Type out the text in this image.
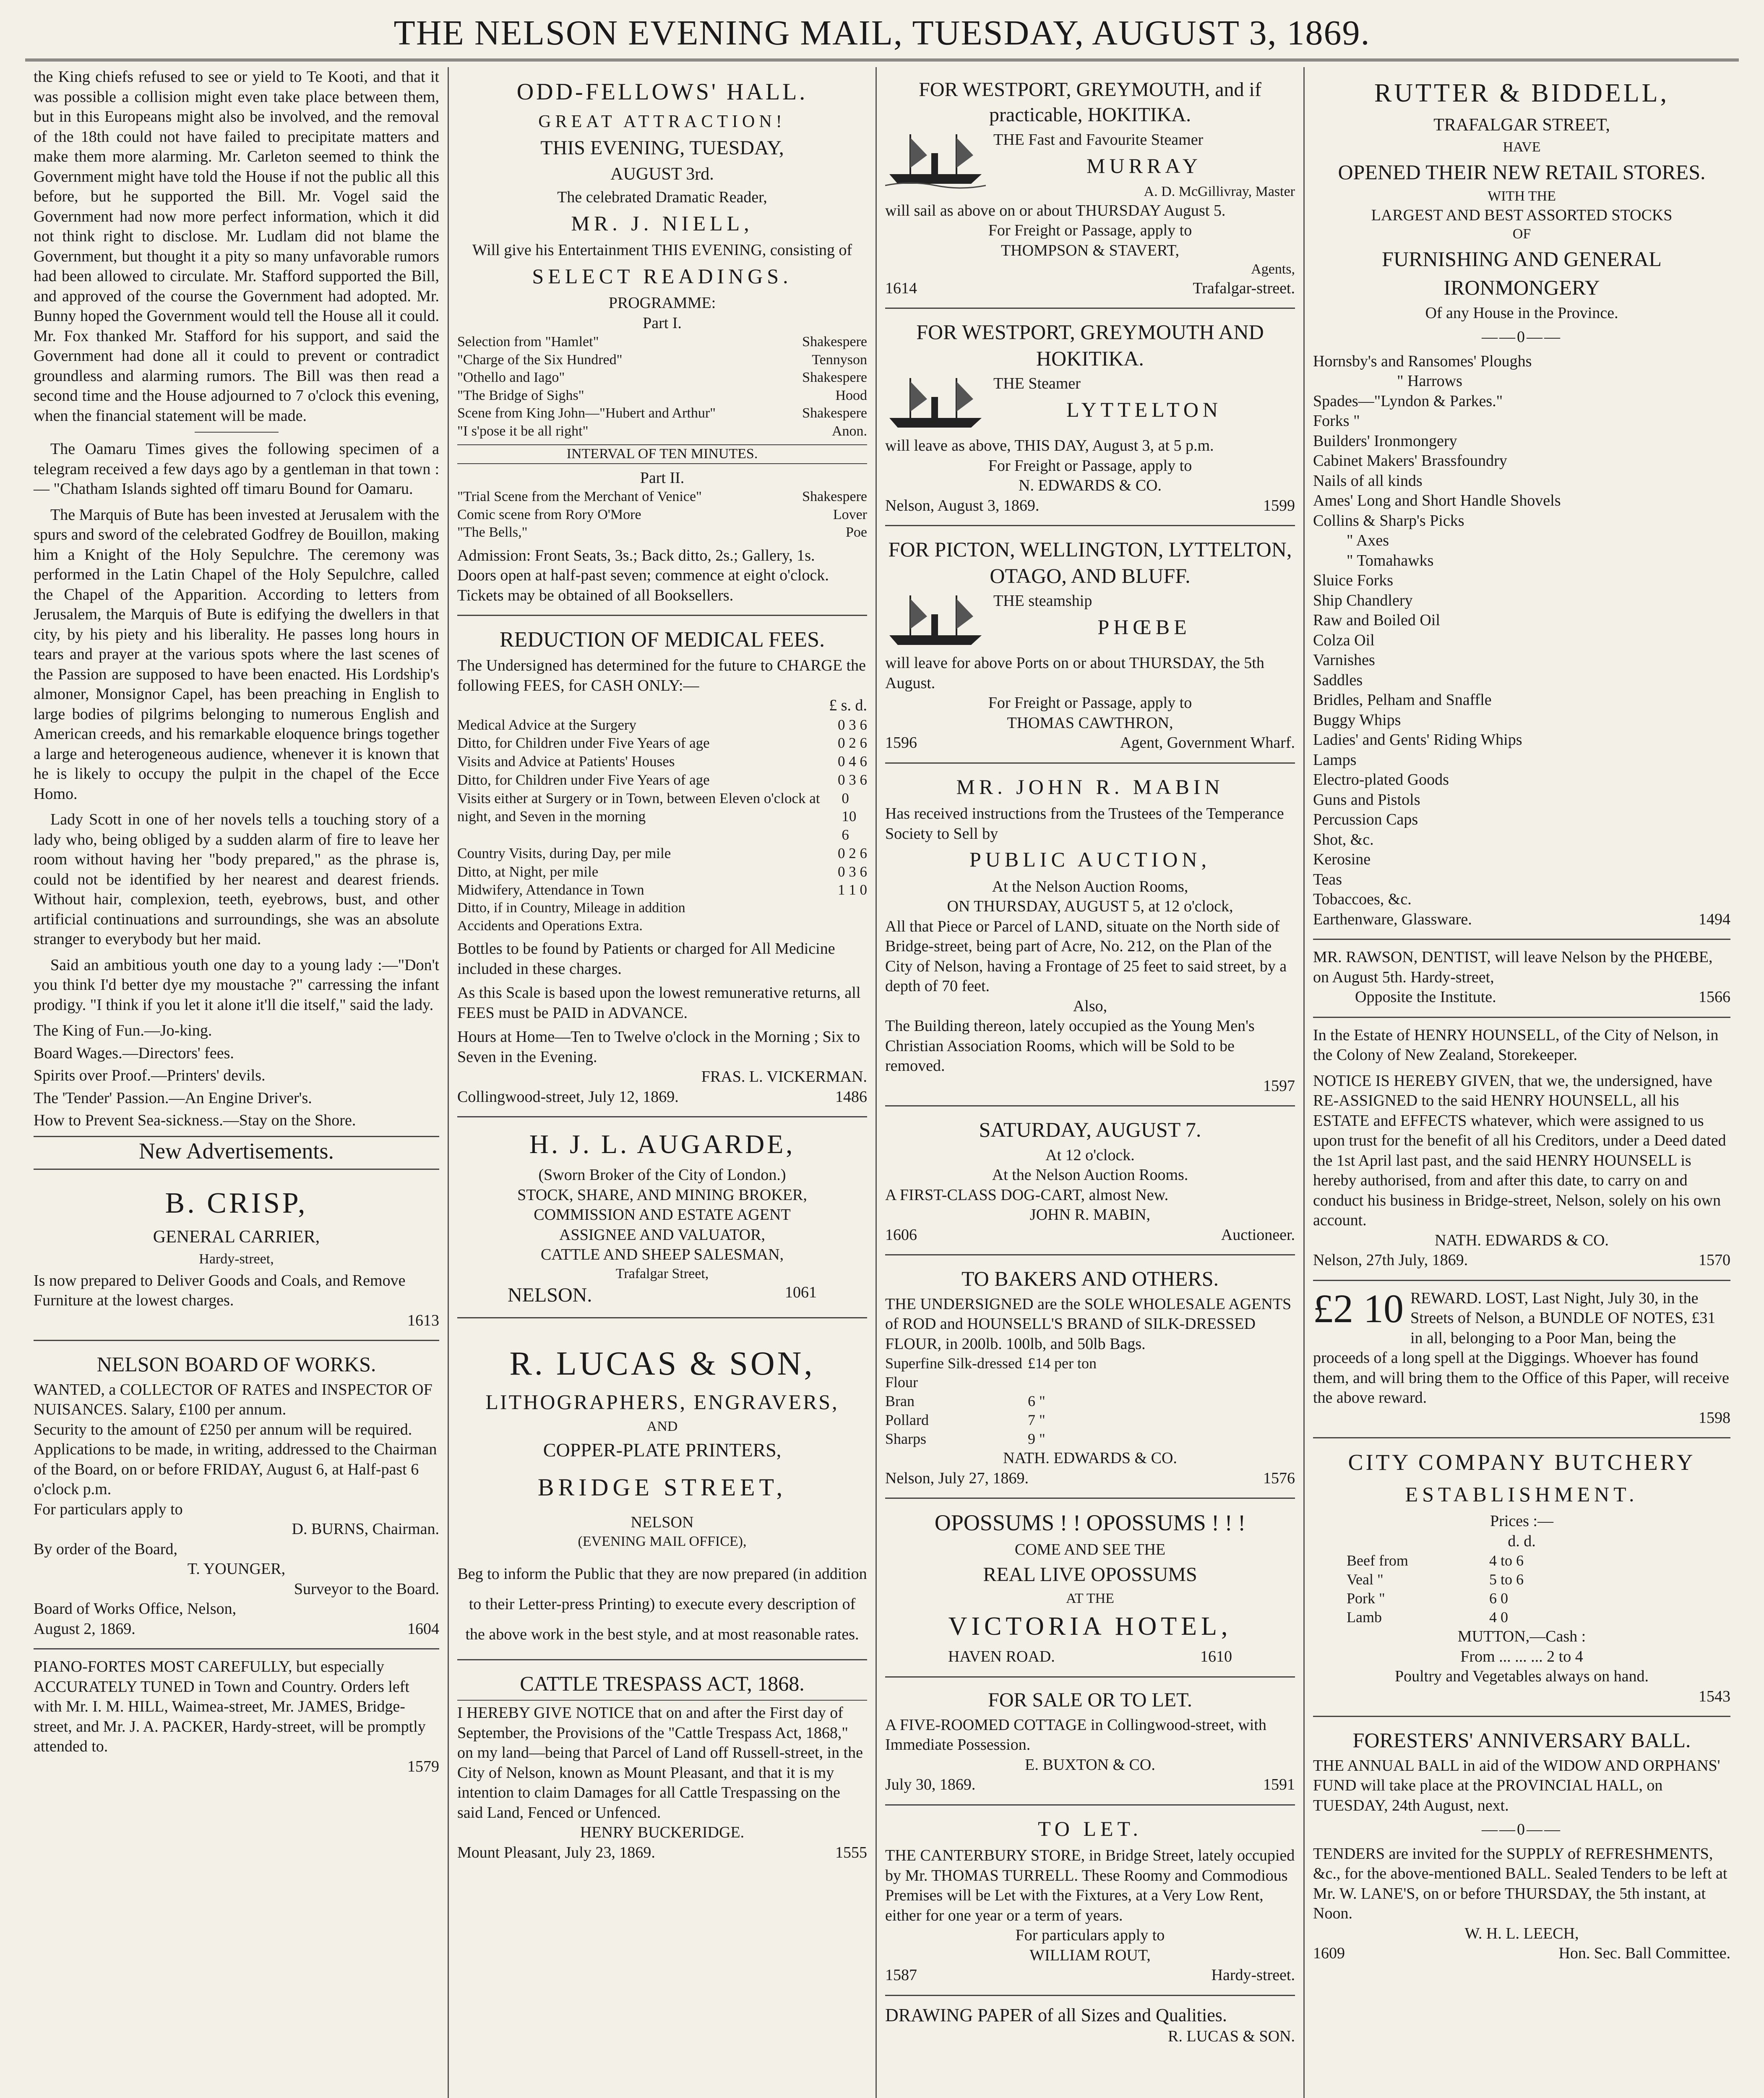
THE NELSON EVENING MAIL, TUESDAY, AUGUST 3, 1869.

the King chiefs refused to see or yield to Te Kooti, and that it was possible a collision might even take place between them, but in this Europeans might also be involved, and the removal of the 18th could not have failed to precipitate matters and make them more alarming. Mr. Carleton seemed to think the Government might have told the House if not the public all this before, but he supported the Bill. Mr. Vogel said the Government had now more perfect information, which it did not think right to disclose. Mr. Ludlam did not blame the Government, but thought it a pity so many unfavorable rumors had been allowed to circulate. Mr. Stafford supported the Bill, and approved of the course the Government had adopted. Mr. Bunny hoped the Government would tell the House all it could. Mr. Fox thanked Mr. Stafford for his support, and said the Government had done all it could to prevent or contradict groundless and alarming rumors. The Bill was then read a second time and the House adjourned to 7 o'clock this evening, when the financial statement will be made.

The Oamaru Times gives the following specimen of a telegram received a few days ago by a gentleman in that town :— "Chatham Islands sighted off timaru Bound for Oamaru.

The Marquis of Bute has been invested at Jerusalem with the spurs and sword of the celebrated Godfrey de Bouillon, making him a Knight of the Holy Sepulchre. The ceremony was performed in the Latin Chapel of the Holy Sepulchre, called the Chapel of the Apparition. According to letters from Jerusalem, the Marquis of Bute is edifying the dwellers in that city, by his piety and his liberality. He passes long hours in tears and prayer at the various spots where the last scenes of the Passion are supposed to have been enacted. His Lordship's almoner, Monsignor Capel, has been preaching in English to large bodies of pilgrims belonging to numerous English and American creeds, and his remarkable eloquence brings together a large and heterogeneous audience, whenever it is known that he is likely to occupy the pulpit in the chapel of the Ecce Homo.

Lady Scott in one of her novels tells a touching story of a lady who, being obliged by a sudden alarm of fire to leave her room without having her "body prepared," as the phrase is, could not be identified by her nearest and dearest friends. Without hair, complexion, teeth, eyebrows, bust, and other artificial continuations and surroundings, she was an absolute stranger to everybody but her maid.

Said an ambitious youth one day to a young lady :—"Don't you think I'd better dye my moustache ?" carressing the infant prodigy. "I think if you let it alone it'll die itself," said the lady.

The King of Fun.—Jo-king.
Board Wages.—Directors' fees.
Spirits over Proof.—Printers' devils.
The 'Tender' Passion.—An Engine Driver's.
How to Prevent Sea-sickness.—Stay on the Shore.
New Advertisements.
B. CRISP,
GENERAL CARRIER,
Hardy-street,
Is now prepared to Deliver Goods and Coals, and Remove Furniture at the lowest charges.
1613
NELSON BOARD OF WORKS.
WANTED, a COLLECTOR OF RATES and INSPECTOR OF NUISANCES. Salary, £100 per annum.
Security to the amount of £250 per annum will be required.
Applications to be made, in writing, addressed to the Chairman of the Board, on or before FRIDAY, August 6, at Half-past 6 o'clock p.m.
For particulars apply to
D. BURNS, Chairman.
By order of the Board,
T. YOUNGER,
Surveyor to the Board.
Board of Works Office, Nelson,
August 2, 1869.	1604
PIANO-FORTES MOST CAREFULLY, but especially ACCURATELY TUNED in Town and Country. Orders left with Mr. I. M. HILL, Waimea-street, Mr. JAMES, Bridge-street, and Mr. J. A. PACKER, Hardy-street, will be promptly attended to.
1579
ODD-FELLOWS' HALL.
GREAT ATTRACTION!
THIS EVENING, TUESDAY,
AUGUST 3rd.
The celebrated Dramatic Reader,
MR. J. NIELL,
Will give his Entertainment THIS EVENING, consisting of
SELECT READINGS.
PROGRAMME:
Part I.
Selection from "Hamlet"	Shakespere
"Charge of the Six Hundred"	Tennyson
"Othello and Iago"	Shakespere
"The Bridge of Sighs"	Hood
Scene from King John—"Hubert and Arthur"	Shakespere
"I s'pose it be all right"	Anon.
INTERVAL OF TEN MINUTES.
Part II.
"Trial Scene from the Merchant of Venice"	Shakespere
Comic scene from Rory O'More	Lover
"The Bells,"	Poe
Admission: Front Seats, 3s.; Back ditto, 2s.; Gallery, 1s.
Doors open at half-past seven; commence at eight o'clock.
Tickets may be obtained of all Booksellers.
REDUCTION OF MEDICAL FEES.
The Undersigned has determined for the future to CHARGE the following FEES, for CASH ONLY:—
£ s. d.
Medical Advice at the Surgery	0 3 6
Ditto, for Children under Five Years of age	0 2 6
Visits and Advice at Patients' Houses	0 4 6
Ditto, for Children under Five Years of age	0 3 6
Visits either at Surgery or in Town, between Eleven o'clock at night, and Seven in the morning
0 10 6
Country Visits, during Day, per mile	0 2 6
Ditto, at Night, per mile	0 3 6
Midwifery, Attendance in Town	1 1 0
Ditto, if in Country, Mileage in addition
Accidents and Operations Extra.
Bottles to be found by Patients or charged for All Medicine included in these charges.
As this Scale is based upon the lowest remunerative returns, all FEES must be PAID in ADVANCE.
Hours at Home—Ten to Twelve o'clock in the Morning ; Six to Seven in the Evening.
FRAS. L. VICKERMAN.
Collingwood-street, July 12, 1869.	1486
H. J. L. AUGARDE,
(Sworn Broker of the City of London.)
STOCK, SHARE, AND MINING BROKER,
COMMISSION AND ESTATE AGENT
ASSIGNEE AND VALUATOR,
CATTLE AND SHEEP SALESMAN,
Trafalgar Street,
NELSON.	1061
R. LUCAS & SON,
LITHOGRAPHERS, ENGRAVERS,
AND
COPPER-PLATE PRINTERS,
BRIDGE STREET,
NELSON
(EVENING MAIL OFFICE),
Beg to inform the Public that they are now prepared (in addition to their Letter-press Printing) to execute every description of the above work in the best style, and at most reasonable rates.
CATTLE TRESPASS ACT, 1868.
I HEREBY GIVE NOTICE that on and after the First day of September, the Provisions of the "Cattle Trespass Act, 1868," on my land—being that Parcel of Land off Russell-street, in the City of Nelson, known as Mount Pleasant, and that it is my intention to claim Damages for all Cattle Trespassing on the said Land, Fenced or Unfenced.
HENRY BUCKERIDGE.
Mount Pleasant, July 23, 1869.	1555
FOR WESTPORT, GREYMOUTH, and if practicable, HOKITIKA.
THE Fast and Favourite Steamer
MURRAY
A. D. McGillivray, Master
will sail as above on or about THURSDAY August 5.
For Freight or Passage, apply to
THOMPSON & STAVERT,
Agents,
1614	Trafalgar-street.
FOR WESTPORT, GREYMOUTH AND HOKITIKA.
THE Steamer
LYTTELTON
will leave as above, THIS DAY, August 3, at 5 p.m.
For Freight or Passage, apply to
N. EDWARDS & CO.
Nelson, August 3, 1869.	1599
FOR PICTON, WELLINGTON, LYTTELTON, OTAGO, AND BLUFF.
THE steamship
PHŒBE
will leave for above Ports on or about THURSDAY, the 5th August.
For Freight or Passage, apply to
THOMAS CAWTHRON,
1596	Agent, Government Wharf.
MR. JOHN R. MABIN
Has received instructions from the Trustees of the Temperance Society to Sell by
PUBLIC AUCTION,
At the Nelson Auction Rooms,
ON THURSDAY, AUGUST 5, at 12 o'clock,
All that Piece or Parcel of LAND, situate on the North side of Bridge-street, being part of Acre, No. 212, on the Plan of the City of Nelson, having a Frontage of 25 feet to said street, by a depth of 70 feet.
Also,
The Building thereon, lately occupied as the Young Men's Christian Association Rooms, which will be Sold to be removed.
1597
SATURDAY, AUGUST 7.
At 12 o'clock.
At the Nelson Auction Rooms.
A FIRST-CLASS DOG-CART, almost New.
JOHN R. MABIN,
1606	Auctioneer.
TO BAKERS AND OTHERS.
THE UNDERSIGNED are the SOLE WHOLESALE AGENTS of ROD and HOUNSELL'S BRAND of SILK-DRESSED FLOUR, in 200lb. 100lb, and 50lb Bags.
Superfine Silk-dressed Flour
£14 per ton
Bran	6 "
Pollard	7 "
Sharps	9 "
NATH. EDWARDS & CO.
Nelson, July 27, 1869.	1576
OPOSSUMS ! ! OPOSSUMS ! ! !
COME AND SEE THE
REAL LIVE OPOSSUMS
AT THE
VICTORIA HOTEL,
HAVEN ROAD.	1610
FOR SALE OR TO LET.
A FIVE-ROOMED COTTAGE in Collingwood-street, with Immediate Possession.
E. BUXTON & CO.
July 30, 1869.	1591
TO LET.
THE CANTERBURY STORE, in Bridge Street, lately occupied by Mr. THOMAS TURRELL. These Roomy and Commodious Premises will be Let with the Fixtures, at a Very Low Rent, either for one year or a term of years.
For particulars apply to
WILLIAM ROUT,
1587	Hardy-street.
DRAWING PAPER of all Sizes and Qualities.
R. LUCAS & SON.
RUTTER & BIDDELL,
TRAFALGAR STREET,
HAVE
OPENED THEIR NEW RETAIL STORES.
WITH THE
LARGEST AND BEST ASSORTED STOCKS
OF
FURNISHING AND GENERAL
IRONMONGERY
Of any House in the Province.
——0——
Hornsby's and Ransomes' Ploughs
" Harrows
Spades—"Lyndon & Parkes."
Forks "
Builders' Ironmongery
Cabinet Makers' Brassfoundry
Nails of all kinds
Ames' Long and Short Handle Shovels
Collins & Sharp's Picks
" Axes
" Tomahawks
Sluice Forks
Ship Chandlery
Raw and Boiled Oil
Colza Oil
Varnishes
Saddles
Bridles, Pelham and Snaffle
Buggy Whips
Ladies' and Gents' Riding Whips
Lamps
Electro-plated Goods
Guns and Pistols
Percussion Caps
Shot, &c.
Kerosine
Teas
Tobaccoes, &c.
Earthenware, Glassware.	1494
MR. RAWSON, DENTIST, will leave Nelson by the PHŒBE, on August 5th. Hardy-street,
Opposite the Institute.	1566
In the Estate of HENRY HOUNSELL, of the City of Nelson, in the Colony of New Zealand, Storekeeper.
NOTICE IS HEREBY GIVEN, that we, the undersigned, have RE-ASSIGNED to the said HENRY HOUNSELL, all his ESTATE and EFFECTS whatever, which were assigned to us upon trust for the benefit of all his Creditors, under a Deed dated the 1st April last past, and the said HENRY HOUNSELL is hereby authorised, from and after this date, to carry on and conduct his business in Bridge-street, Nelson, solely on his own account.
NATH. EDWARDS & CO.
Nelson, 27th July, 1869.	1570
£2 10 REWARD. LOST, Last Night, July 30, in the Streets of Nelson, a BUNDLE OF NOTES, £31 in all, belonging to a Poor Man, being the proceeds of a long spell at the Diggings. Whoever has found them, and will bring them to the Office of this Paper, will receive the above reward.
1598
CITY COMPANY BUTCHERY
ESTABLISHMENT.
Prices :—
d. d.
Beef from	4 to 6
Veal "	5 to 6
Pork "	6 0
Lamb	4 0
MUTTON,—Cash :
From ... ... ... 2 to 4
Poultry and Vegetables always on hand.
1543
FORESTERS' ANNIVERSARY BALL.
THE ANNUAL BALL in aid of the WIDOW AND ORPHANS' FUND will take place at the PROVINCIAL HALL, on TUESDAY, 24th August, next.
——0——
TENDERS are invited for the SUPPLY of REFRESHMENTS, &c., for the above-mentioned BALL. Sealed Tenders to be left at Mr. W. LANE'S, on or before THURSDAY, the 5th instant, at Noon.
W. H. L. LEECH,
1609	Hon. Sec. Ball Committee.
